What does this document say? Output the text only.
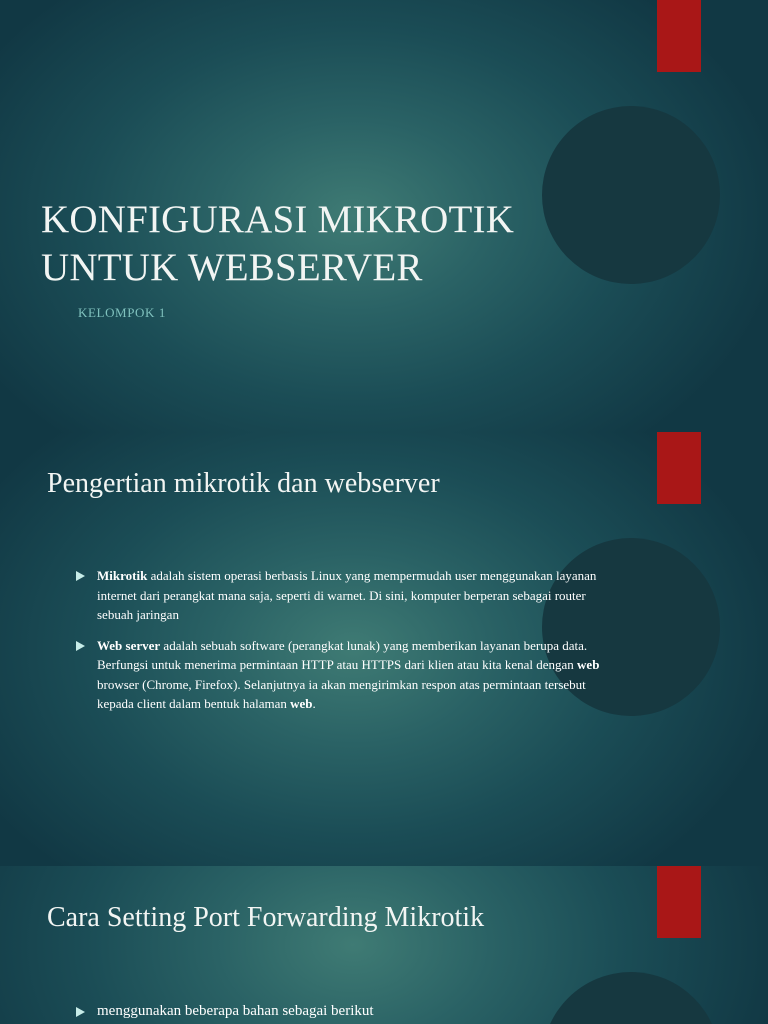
KONFIGURASI MIKROTIK
UNTUK WEBSERVER
KELOMPOK 1
Pengertian mikrotik dan webserver
Mikrotik adalah sistem operasi berbasis Linux yang mempermudah user menggunakan layanan internet dari perangkat mana saja, seperti di warnet. Di sini, komputer berperan sebagai router sebuah jaringan
Web server adalah sebuah software (perangkat lunak) yang memberikan layanan berupa data. Berfungsi untuk menerima permintaan HTTP atau HTTPS dari klien atau kita kenal dengan web browser (Chrome, Firefox). Selanjutnya ia akan mengirimkan respon atas permintaan tersebut kepada client dalam bentuk halaman web.
Cara Setting Port Forwarding Mikrotik
menggunakan beberapa bahan sebagai berikut
